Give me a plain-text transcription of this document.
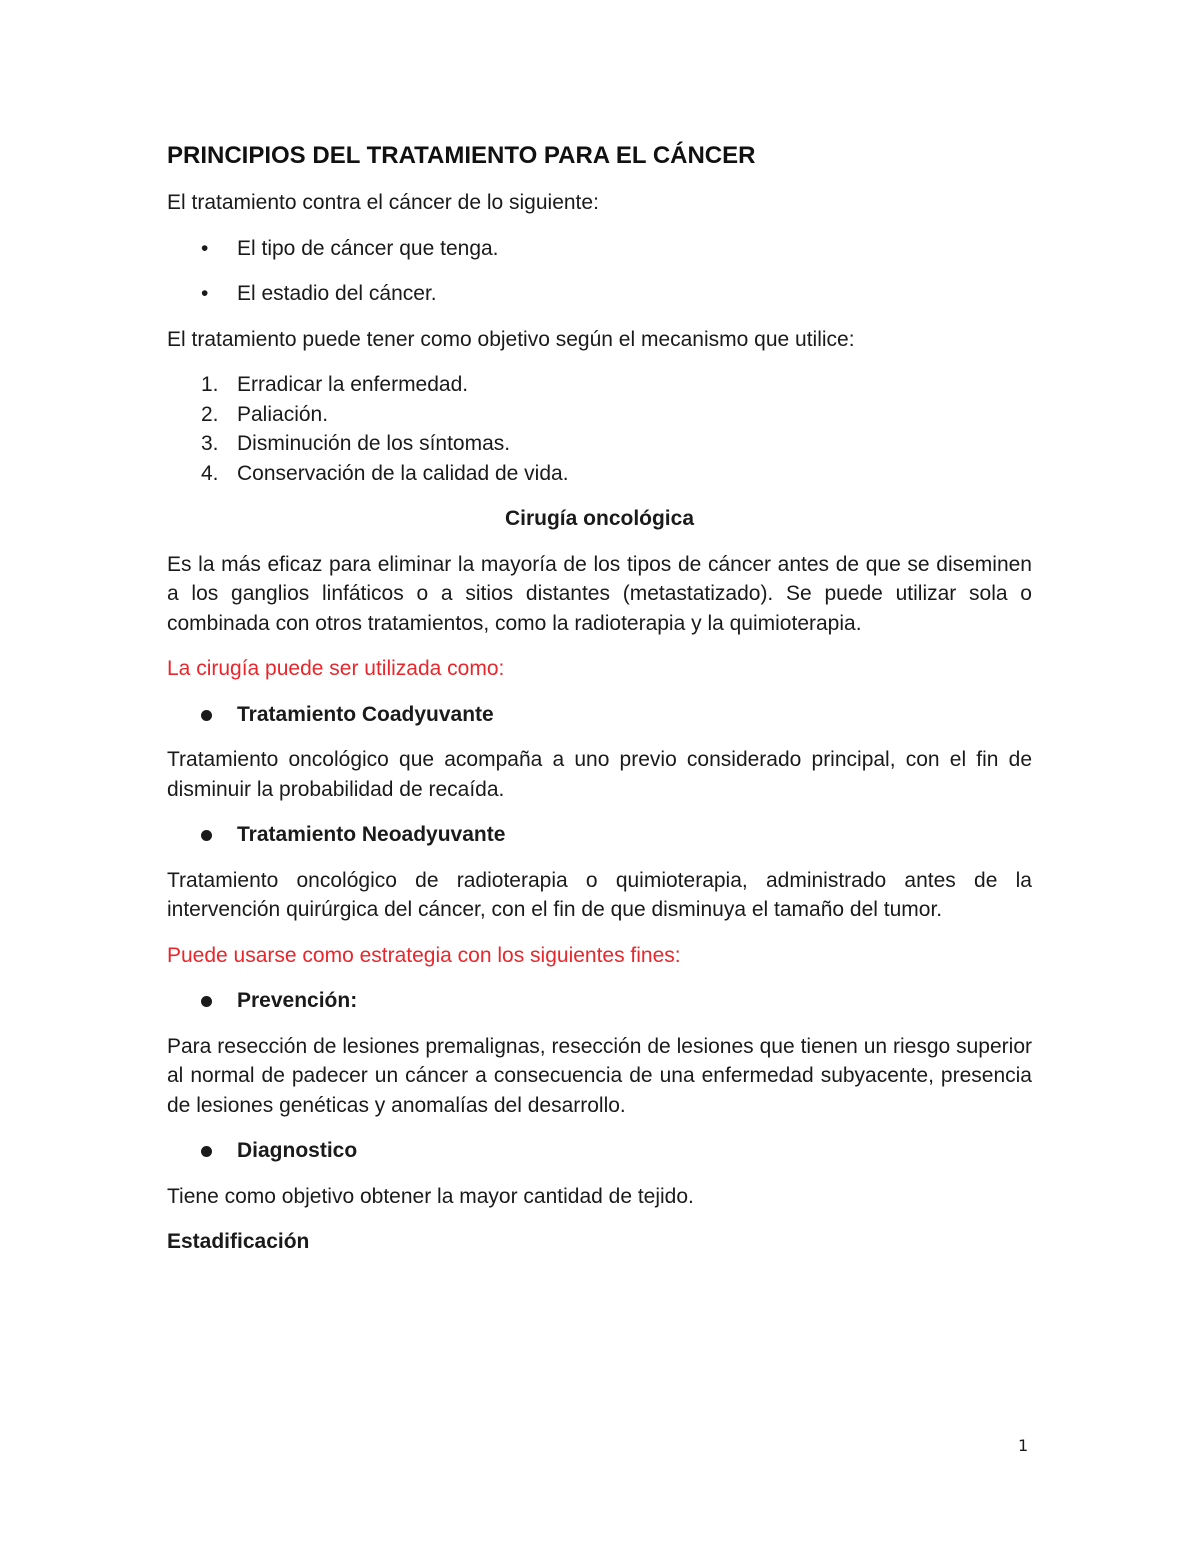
PRINCIPIOS DEL TRATAMIENTO PARA EL CÁNCER

El tratamiento contra el cáncer de lo siguiente:

• El tipo de cáncer que tenga.
• El estadio del cáncer.

El tratamiento puede tener como objetivo según el mecanismo que utilice:

1. Erradicar la enfermedad.
2. Paliación.
3. Disminución de los síntomas.
4. Conservación de la calidad de vida.

Cirugía oncológica

Es la más eficaz para eliminar la mayoría de los tipos de cáncer antes de que se diseminen a los ganglios linfáticos o a sitios distantes (metastatizado). Se puede utilizar sola o combinada con otros tratamientos, como la radioterapia y la quimioterapia.

La cirugía puede ser utilizada como:

Tratamiento Coadyuvante

Tratamiento oncológico que acompaña a uno previo considerado principal, con el fin de disminuir la probabilidad de recaída.

Tratamiento Neoadyuvante

Tratamiento oncológico de radioterapia o quimioterapia, administrado antes de la intervención quirúrgica del cáncer, con el fin de que disminuya el tamaño del tumor.

Puede usarse como estrategia con los siguientes fines:

Prevención:

Para resección de lesiones premalignas, resección de lesiones que tienen un riesgo superior al normal de padecer un cáncer a consecuencia de una enfermedad subyacente, presencia de lesiones genéticas y anomalías del desarrollo.

Diagnostico

Tiene como objetivo obtener la mayor cantidad de tejido.

Estadificación

1
